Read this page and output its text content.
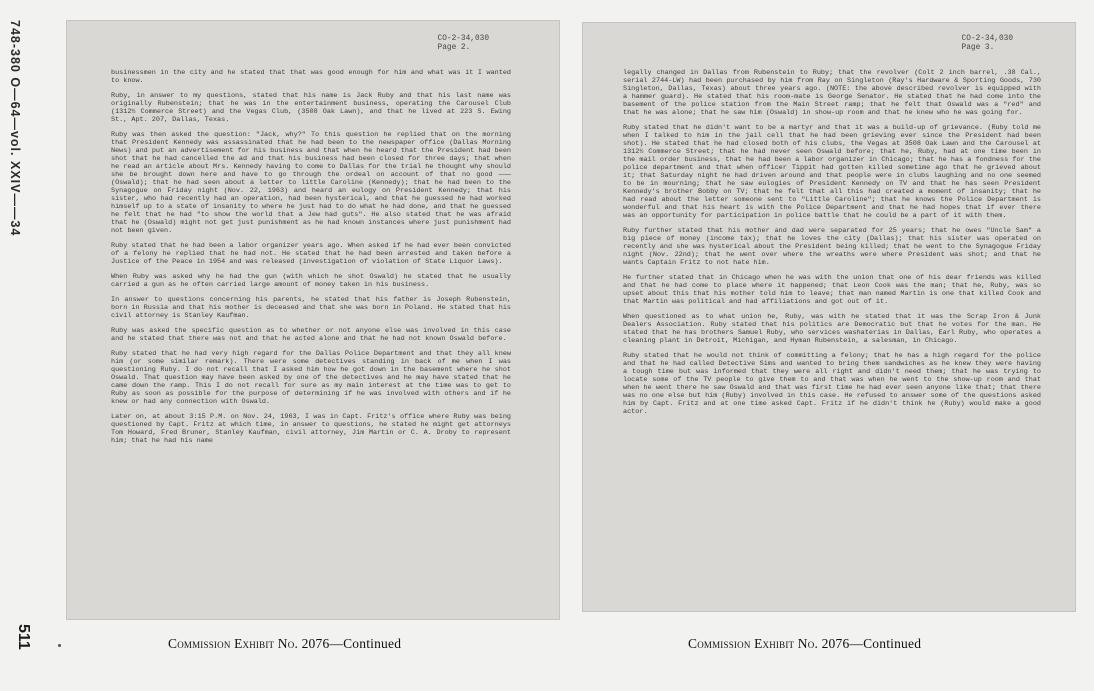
748-380 O—64—vol. XXIV——34
511
CO-2-34,030
Page 2.

businessmen in the city and he stated that that was good enough for him and what was it I wanted to know.

Ruby, in answer to my questions, stated that his name is Jack Ruby and that his last name was originally Rubenstein; that he was in the entertainment business, operating the Carousel Club (1312½ Commerce Street) and the Vegas Club, (3508 Oak Lawn), and that he lived at 223 S. Ewing St., Apt. 207, Dallas, Texas.

Ruby was then asked the question: "Jack, why?" To this question he replied that on the morning that President Kennedy was assassinated that he had been to the newspaper office (Dallas Morning News) and put an advertisement for his business and that when he heard that the President had been shot that he had cancelled the ad and that his business had been closed for three days; that when he read an article about Mrs. Kennedy having to come to Dallas for the trial he thought why should she be brought down here and have to go through the ordeal on account of that no good ——— (Oswald); that he had seen about a letter to little Caroline (Kennedy); that he had been to the Synagogue on Friday night (Nov. 22, 1963) and heard an eulogy on President Kennedy; that his sister, who had recently had an operation, had been hysterical, and that he guessed he had worked himself up to a state of insanity to where he just had to do what he had done, and that he guessed he felt that he had "to show the world that a Jew had guts". He also stated that he was afraid that he (Oswald) might not get just punishment as he had known instances where just punishment had not been given.

Ruby stated that he had been a labor organizer years ago. When asked if he had ever been convicted of a felony he replied that he had not. He stated that he had been arrested and taken before a Justice of the Peace in 1954 and was released (investigation of violation of State Liquor Laws).

When Ruby was asked why he had the gun (with which he shot Oswald) he stated that he usually carried a gun as he often carried large amount of money taken in his business.

In answer to questions concerning his parents, he stated that his father is Joseph Rubenstein, born in Russia and that his mother is deceased and that she was born in Poland. He stated that his civil attorney is Stanley Kaufman.

Ruby was asked the specific question as to whether or not anyone else was involved in this case and he stated that there was not and that he acted alone and that he had not known Oswald before.

Ruby stated that he had very high regard for the Dallas Police Department and that they all knew him (or some similar remark). There were some detectives standing in back of me when I was questioning Ruby. I do not recall that I asked him how he got down in the basement where he shot Oswald. That question may have been asked by one of the detectives and he may have stated that he came down the ramp. This I do not recall for sure as my main interest at the time was to get to Ruby as soon as possible for the purpose of determining if he was involved with others and if he knew or had any connection with Oswald.

Later on, at about 3:15 P.M. on Nov. 24, 1963, I was in Capt. Fritz's office where Ruby was being questioned by Capt. Fritz at which time, in answer to questions, he stated he might get attorneys Tom Howard, Fred Bruner, Stanley Kaufman, civil attorney, Jim Martin or C. A. Droby to represent him; that he had his name

CO-2-34,030
Page 3.

legally changed in Dallas from Rubenstein to Ruby; that the revolver (Colt 2 inch barrel, .38 Cal., serial 2744-LW) had been purchased by him from Ray on Singleton (Ray's Hardware & Sporting Goods, 730 Singleton, Dallas, Texas) about three years ago. (NOTE: the above described revolver is equipped with a hammer guard). He stated that his room-mate is George Senator. He stated that he had come into the basement of the police station from the Main Street ramp; that he felt that Oswald was a "red" and that he was alone; that he saw him (Oswald) in show-up room and that he knew who he was going for.

Ruby stated that he didn't want to be a martyr and that it was a build-up of grievance. (Ruby told me when I talked to him in the jail cell that he had been grieving ever since the President had been shot). He stated that he had closed both of his clubs, the Vegas at 3508 Oak Lawn and the Carousel at 1312½ Commerce Street; that he had never seen Oswald before; that he, Ruby, had at one time been in the mail order business, that he had been a labor organizer in Chicago; that he has a fondness for the police department and that when officer Tippit had gotten killed sometime ago that he grieved about it; that Saturday night he had driven around and that people were in clubs laughing and no one seemed to be in mourning; that he saw eulogies of President Kennedy on TV and that he has seen President Kennedy's brother Bobby on TV; that he felt that all this had created a moment of insanity; that he had read about the letter someone sent to "Little Caroline"; that he knows the Police Department is wonderful and that his heart is with the Police Department and that he had hopes that if ever there was an opportunity for participation in police battle that he could be a part of it with them.

Ruby further stated that his mother and dad were separated for 25 years; that he owes "Uncle Sam" a big piece of money (income tax); that he loves the city (Dallas); that his sister was operated on recently and she was hysterical about the President being killed; that he went to the Synagogue Friday night (Nov. 22nd); that he went over where the wreaths were where President was shot; and that he wants Captain Fritz to not hate him.

He further stated that in Chicago when he was with the union that one of his dear friends was killed and that he had come to place where it happened; that Leon Cook was the man; that he, Ruby, was so upset about this that his mother told him to leave; that man named Martin is one that killed Cook and that Martin was political and had affiliations and got out of it.

When questioned as to what union he, Ruby, was with he stated that it was the Scrap Iron & Junk Dealers Association. Ruby stated that his politics are Democratic but that he votes for the man. He stated that he has brothers Samuel Ruby, who services washaterias in Dallas, Earl Ruby, who operates a cleaning plant in Detroit, Michigan, and Hyman Rubenstein, a salesman, in Chicago.

Ruby stated that he would not think of committing a felony; that he has a high regard for the police and that he had called Detective Sims and wanted to bring them sandwiches as he knew they were having a tough time but was informed that they were all right and didn't need them; that he was trying to locate some of the TV people to give them to and that was when he went to the show-up room and that when he went there he saw Oswald and that was first time he had ever seen anyone like that; that there was no one else but him (Ruby) involved in this case. He refused to answer some of the questions asked him by Capt. Fritz and at one time asked Capt. Fritz if he didn't think he (Ruby) would make a good actor.

Commission Exhibit No. 2076—Continued	Commission Exhibit No. 2076—Continued
